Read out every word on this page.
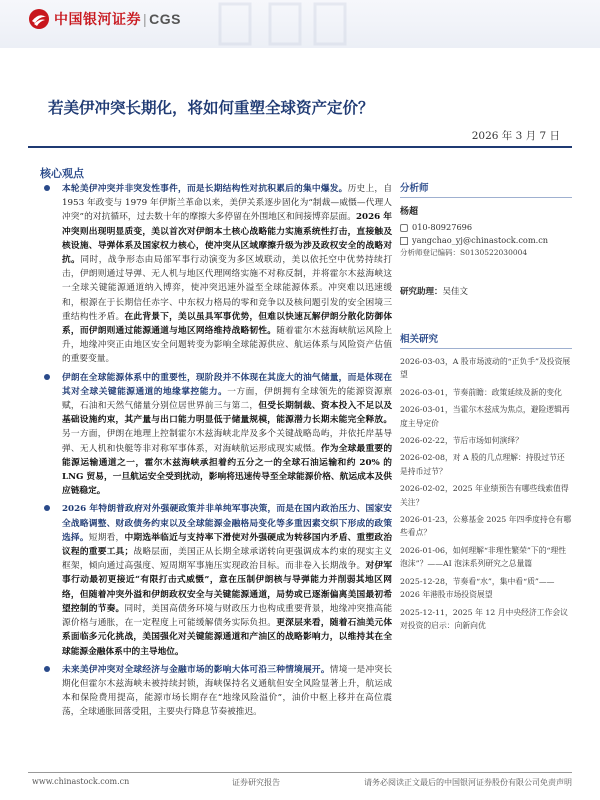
中国银河证券 | CGS
若美伊冲突长期化，将如何重塑全球资产定价？
2026 年 3 月 7 日
核心观点
本轮美伊冲突并非突发性事件，而是长期结构性对抗积累后的集中爆发。历史上，自 1953 年政变与 1979 年伊斯兰革命以来，美伊关系逐步固化为“制裁—威慑—代理人冲突”的对抗循环，过去数十年的摩擦大多停留在外围地区和间接博弈层面。2026 年冲突则出现明显质变，美以首次对伊朗本土核心战略能力实施系统性打击，直接触及核设施、导弹体系及国家权力核心，使冲突从区域摩擦升级为涉及政权安全的战略对抗。同时，战争形态由局部军事行动演变为多区域联动，美以依托空中优势持续打击，伊朗则通过导弹、无人机与地区代理网络实施不对称反制，并将霍尔木兹海峡这一全球关键能源通道纳入博弈，使冲突迅速外溢至全球能源体系。冲突难以迅速缓和，根源在于长期信任赤字、中东权力格局的零和竞争以及核问题引发的安全困境三重结构性矛盾。在此背景下，美以虽具军事优势，但难以快速瓦解伊朗分散化防御体系，而伊朗则通过能源通道与地区网络维持战略韧性。随着霍尔木兹海峡航运风险上升，地缘冲突正由地区安全问题转变为影响全球能源供应、航运体系与风险资产估值的重要变量。
伊朗在全球能源体系中的重要性，现阶段并不体现在其庞大的油气储量，而是体现在其对全球关键能源通道的地缘掌控能力。一方面，伊朗拥有全球领先的能源资源禀赋，石油和天然气储量分别位居世界前三与第二，但受长期制裁、资本投入不足以及基础设施约束，其产量与出口能力明显低于储量规模，能源潜力长期未能完全释放。另一方面，伊朗在地理上控制霍尔木兹海峡北岸及多个关键战略岛屿，并依托岸基导弹、无人机和快艇等非对称军事体系，对海峡航运形成现实威慑。作为全球最重要的能源运输通道之一，霍尔木兹海峡承担着约五分之一的全球石油运输和约 20% 的 LNG 贸易，一旦航运安全受到扰动，影响将迅速传导至全球能源价格、航运成本及供应链稳定。
2026 年特朗普政府对外强硬政策并非单纯军事决策，而是在国内政治压力、国家安全战略调整、财政债务约束以及全球能源金融格局变化等多重因素交织下形成的政策选择。短期看，中期选举临近与支持率下滑使对外强硬成为转移国内矛盾、重塑政治议程的重要工具；战略层面，美国正从长期全球承诺转向更强调成本约束的现实主义框架，倾向通过高强度、短周期军事施压实现政治目标。而非卷入长期战争。对伊军事行动最初更接近“有限打击式威慑”，意在压制伊朗核与导弹能力并削弱其地区网络，但随着冲突外溢和伊朗政权安全与关键能源通道，局势或已逐渐偏离美国最初希望控制的节奏。同时，美国高债务环境与财政压力也构成重要背景，地缘冲突推高能源价格与通胀，在一定程度上可能缓解债务实际负担。更深层来看，随着石油美元体系面临多元化挑战，美国强化对关键能源通道和产油区的战略影响力，以维持其在全球能源金融体系中的主导地位。
未来美伊冲突对全球经济与金融市场的影响大体可沿三种情境展开。情境一是冲突长期化但霍尔木兹海峡未被持续封锁，海峡保持名义通航但安全风险显著上升，航运成本和保险费用提高，能源市场长期存在“地缘风险溢价”，油价中枢上移并在高位震荡，全球通胀回落受阻，主要央行降息节奏被推迟。
分析师
杨超
010-80927696
yangchao_yj@chinastock.com.cn
分析师登记编码：S0130522030004
研究助理：吴佳文
相关研究
2026-03-03，A 股市场波动的“正负手”及投资展望
2026-03-01，节奏前瞻：政策延续及新的变化
2026-03-01，当霍尔木兹成为焦点，避险逻辑再度主导定价
2026-02-22，节后市场如何演绎？
2026-02-08，对 A 股的几点理解：持股过节还是持币过节？
2026-02-02，2025 年业绩预告有哪些线索值得关注？
2026-01-23，公募基金 2025 年四季度持仓有哪些看点？
2026-01-06，如何理解“非理性繁荣”下的“理性泡沫”？——AI 泡沫系列研究之总量篇
2025-12-28，节奏看“水”，集中看“质”——2026 年港股市场投资展望
2025-12-11，2025 年 12 月中央经济工作会议对投资的启示：向新向优
www.chinastock.com.cn	证券研究报告	请务必阅读正文最后的中国银河证券股份有限公司免责声明
